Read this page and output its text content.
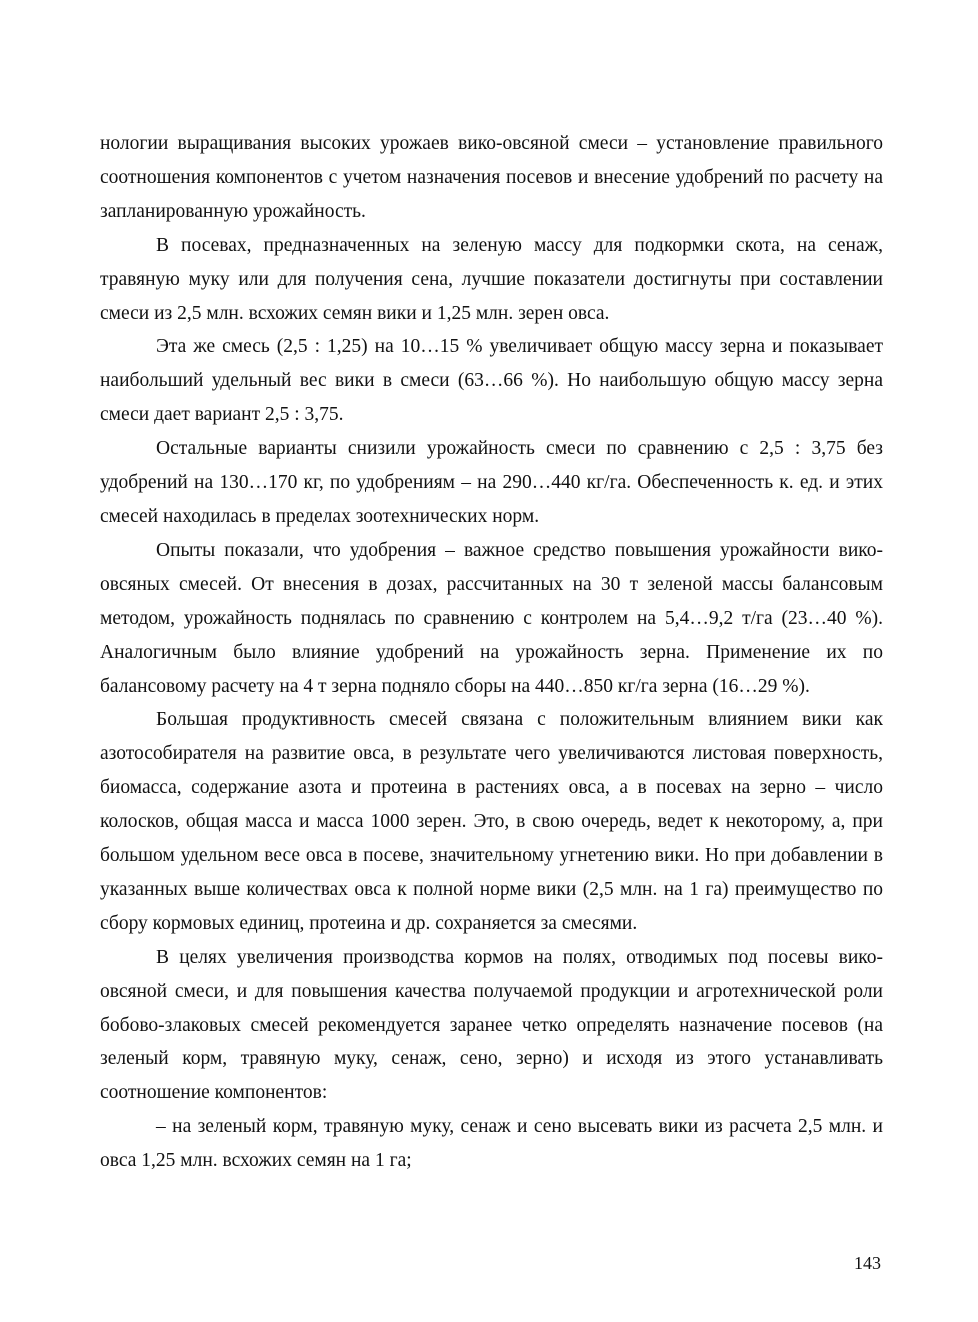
нологии выращивания высоких урожаев вико-овсяной смеси – установление правильного соотношения компонентов с учетом назначения посевов и внесение удобрений по расчету на запланированную урожайность.

В посевах, предназначенных на зеленую массу для подкормки скота, на сенаж, травяную муку или для получения сена, лучшие показатели достигнуты при составлении смеси из 2,5 млн. всхожих семян вики и 1,25 млн. зерен овса.

Эта же смесь (2,5 : 1,25) на 10…15 % увеличивает общую массу зерна и показывает наибольший удельный вес вики в смеси (63…66 %). Но наибольшую общую массу зерна смеси дает вариант 2,5 : 3,75.

Остальные варианты снизили урожайность смеси по сравнению с 2,5 : 3,75 без удобрений на 130…170 кг, по удобрениям – на 290…440 кг/га. Обеспеченность к. ед. и этих смесей находилась в пределах зоотехнических норм.

Опыты показали, что удобрения – важное средство повышения урожайности вико-овсяных смесей. От внесения в дозах, рассчитанных на 30 т зеленой массы балансовым методом, урожайность поднялась по сравнению с контролем на 5,4…9,2 т/га (23…40 %). Аналогичным было влияние удобрений на урожайность зерна. Применение их по балансовому расчету на 4 т зерна подняло сборы на 440…850 кг/га зерна (16…29 %).

Большая продуктивность смесей связана с положительным влиянием вики как азотособирателя на развитие овса, в результате чего увеличиваются листовая поверхность, биомасса, содержание азота и протеина в растениях овса, а в посевах на зерно – число колосков, общая масса и масса 1000 зерен. Это, в свою очередь, ведет к некоторому, а, при большом удельном весе овса в посеве, значительному угнетению вики. Но при добавлении в указанных выше количествах овса к полной норме вики (2,5 млн. на 1 га) преимущество по сбору кормовых единиц, протеина и др. сохраняется за смесями.

В целях увеличения производства кормов на полях, отводимых под посевы вико-овсяной смеси, и для повышения качества получаемой продукции и агротехнической роли бобово-злаковых смесей рекомендуется заранее четко определять назначение посевов (на зеленый корм, травяную муку, сенаж, сено, зерно) и исходя из этого устанавливать соотношение компонентов:

– на зеленый корм, травяную муку, сенаж и сено высевать вики из расчета 2,5 млн. и овса 1,25 млн. всхожих семян на 1 га;

143
